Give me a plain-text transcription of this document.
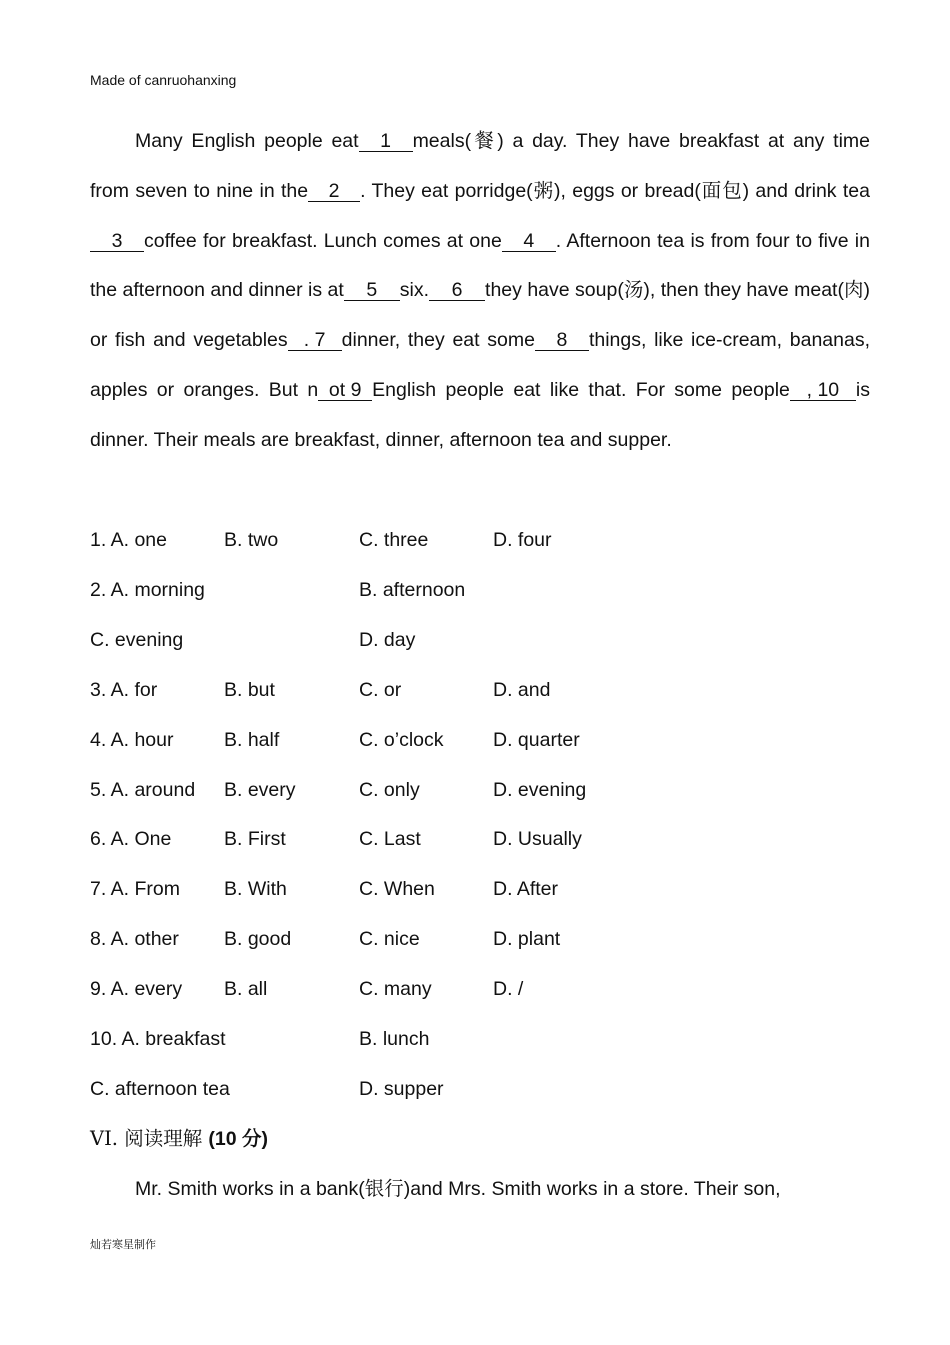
Made of canruohanxing

Many English people eat 1 meals(餐) a day. They have breakfast at any time from seven to nine in the 2 . They eat porridge(粥), eggs or bread(面包) and drink tea3 coffee for breakfast. Lunch comes at one 4 . Afternoon tea is from four to five in the afternoon and dinner is at 5 six. 6 they have soup(汤), then they have meat(肉) or fish and vegetables . 7 dinner, they eat some 8 things, like ice-cream, bananas, apples or oranges. But n ot 9 English people eat like that. For some people , 10 is dinner. Their meals are breakfast, dinner, afternoon tea and supper.

1. A. one	B. two	C. three	D. four
2. A. morning	B. afternoon
C. evening	D. day
3. A. for	B. but	C. or	D. and
4. A. hour	B. half	C. o’clock	D. quarter
5. A. around B. every	C. only	D. evening
6. A. One	B. First	C. Last	D. Usually
7. A. From B. With	C. When	D. After
8. A. other B. good	C. nice	D. plant
9. A. every B. all	C. many	D. /
10. A. breakfast	B. lunch
C. afternoon tea	D. supper
VI. 阅读理解 (10 分)

Mr. Smith works in a bank(银行)and Mrs. Smith works in a store. Their son,

灿若寒星制作
